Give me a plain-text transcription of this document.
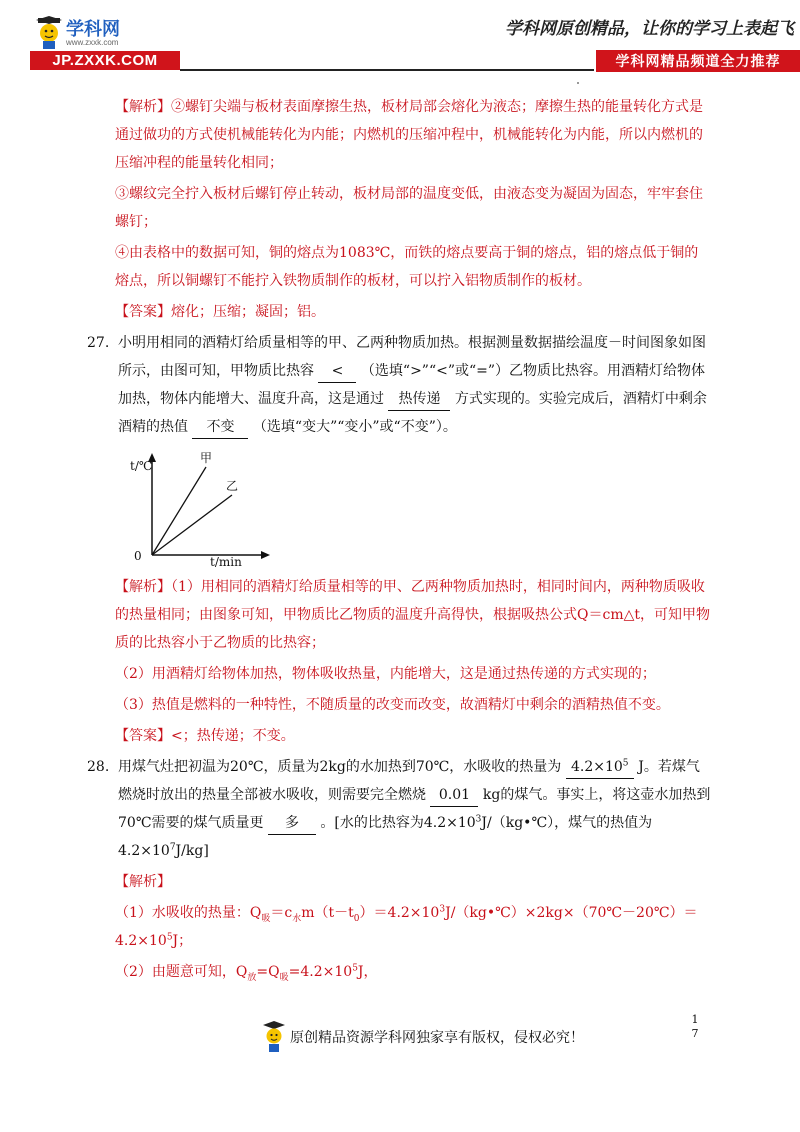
学科网
www.zxxk.com
JP.ZXXK.COM
学科网原创精品，让你的学习上表起飞
学科网精品频道全力推荐

【解析】②螺钉尖端与板材表面摩擦生热，板材局部会熔化为液态；摩擦生热的能量转化方式是通过做功的方式使机械能转化为内能；内燃机的压缩冲程中，机械能转化为内能，所以内燃机的压缩冲程的能量转化相同；

③螺纹完全拧入板材后螺钉停止转动，板材局部的温度变低，由液态变为凝固为固态，牢牢套住螺钉；

④由表格中的数据可知，铜的熔点为1083℃，而铁的熔点要高于铜的熔点，铝的熔点低于铜的熔点，所以铜螺钉不能拧入铁物质制作的板材，可以拧入铝物质制作的板材。

【答案】熔化；压缩；凝固；铝。

27. 小明用相同的酒精灯给质量相等的甲、乙两种物质加热。根据测量数据描绘温度－时间图象如图所示，由图可知，甲物质比热容 < （选填“>”“<”或“=”）乙物质比热容。用酒精灯给物体加热，物体内能增大、温度升高，这是通过 热传递 方式实现的。实验完成后，酒精灯中剩余酒精的热值 不变 （选填“变大”“变小”或“不变”）。

t/℃
t/min
0
甲
乙

【解析】（1）用相同的酒精灯给质量相等的甲、乙两种物质加热时，相同时间内，两种物质吸收的热量相同；由图象可知，甲物质比乙物质的温度升高得快，根据吸热公式Q＝cm△t，可知甲物质的比热容小于乙物质的比热容；

（2）用酒精灯给物体加热，物体吸收热量，内能增大，这是通过热传递的方式实现的；

（3）热值是燃料的一种特性，不随质量的改变而改变，故酒精灯中剩余的酒精热值不变。

【答案】<；热传递；不变。

28. 用煤气灶把初温为20℃，质量为2kg的水加热到70℃，水吸收的热量为 $4.2\times 10^5$ J。若煤气燃烧时放出的热量全部被水吸收，则需要完全燃烧 0.01 kg的煤气。事实上，将这壶水加热到70℃需要的煤气质量更 多 。[水的比热容为$4.2\times 10^3J/(kg•℃)$，煤气的热值为$4.2\times 10^7J/kg$]

【解析】

（1）水吸收的热量：$Q_吸=c_水m(t-t_0)=4.2\times 10^3J/(kg•℃)\times 2kg\times(70℃-20℃)=4.2\times 10^5J$；

（2）由题意可知，$Q_放=Q_吸=4.2\times 10^5J$，

原创精品资源学科网独家享有版权，侵权必究！
1
7
